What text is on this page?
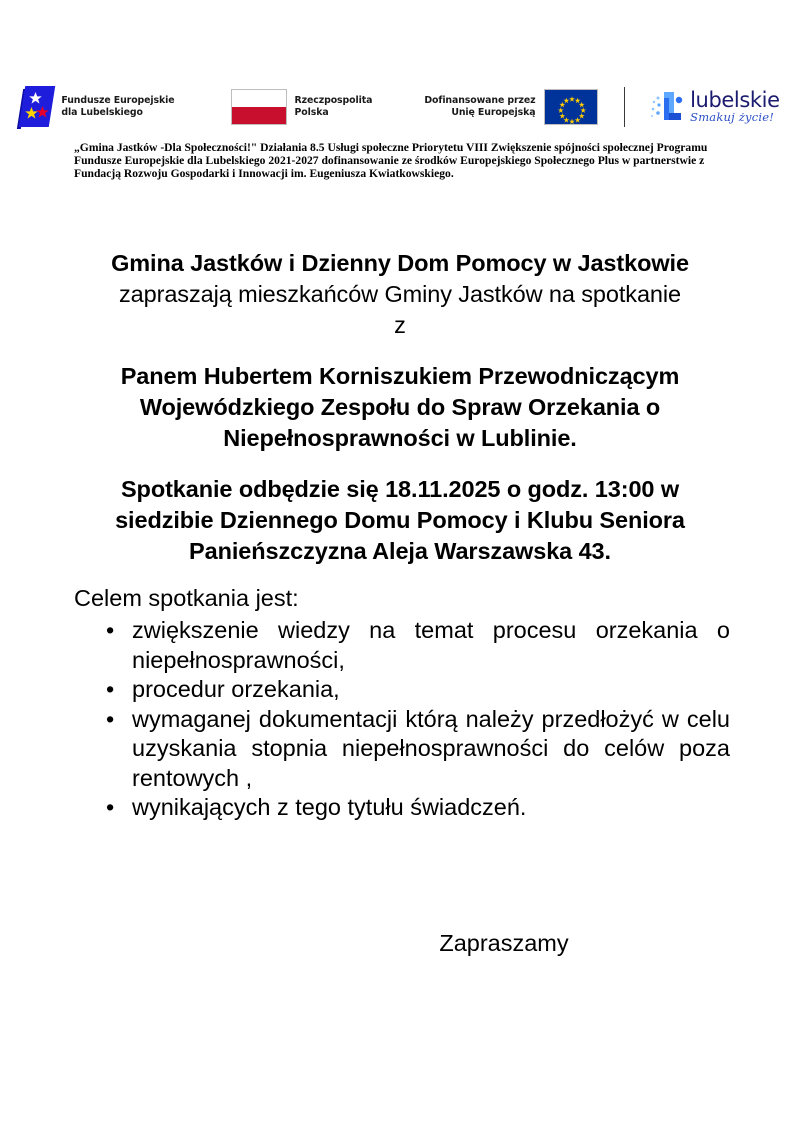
Fundusze Europejskie
dla Lubelskiego
Rzeczpospolita
Polska
Dofinansowane przez
Unię Europejską
lubelskie
Smakuj życie!
„Gmina Jastków -Dla Społeczności!" Działania 8.5 Usługi społeczne Priorytetu VIII Zwiększenie spójności społecznej Programu Fundusze Europejskie dla Lubelskiego 2021-2027 dofinansowanie ze środków Europejskiego Społecznego Plus w partnerstwie z Fundacją Rozwoju Gospodarki i Innowacji im. Eugeniusza Kwiatkowskiego.
Gmina Jastków i Dzienny Dom Pomocy w Jastkowie
zapraszają mieszkańców Gminy Jastków na spotkanie
z
Panem Hubertem Korniszukiem Przewodniczącym
Wojewódzkiego Zespołu do Spraw Orzekania o
Niepełnosprawności w Lublinie.
Spotkanie odbędzie się 18.11.2025 o godz. 13:00 w
siedzibie Dziennego Domu Pomocy i Klubu Seniora
Panieńszczyzna Aleja Warszawska 43.
Celem spotkania jest:
• zwiększenie wiedzy na temat procesu orzekania o niepełnosprawności,
• procedur orzekania,
• wymaganej dokumentacji którą należy przedłożyć w celu uzyskania stopnia niepełnosprawności do celów poza rentowych ,
• wynikających z tego tytułu świadczeń.
Zapraszamy
